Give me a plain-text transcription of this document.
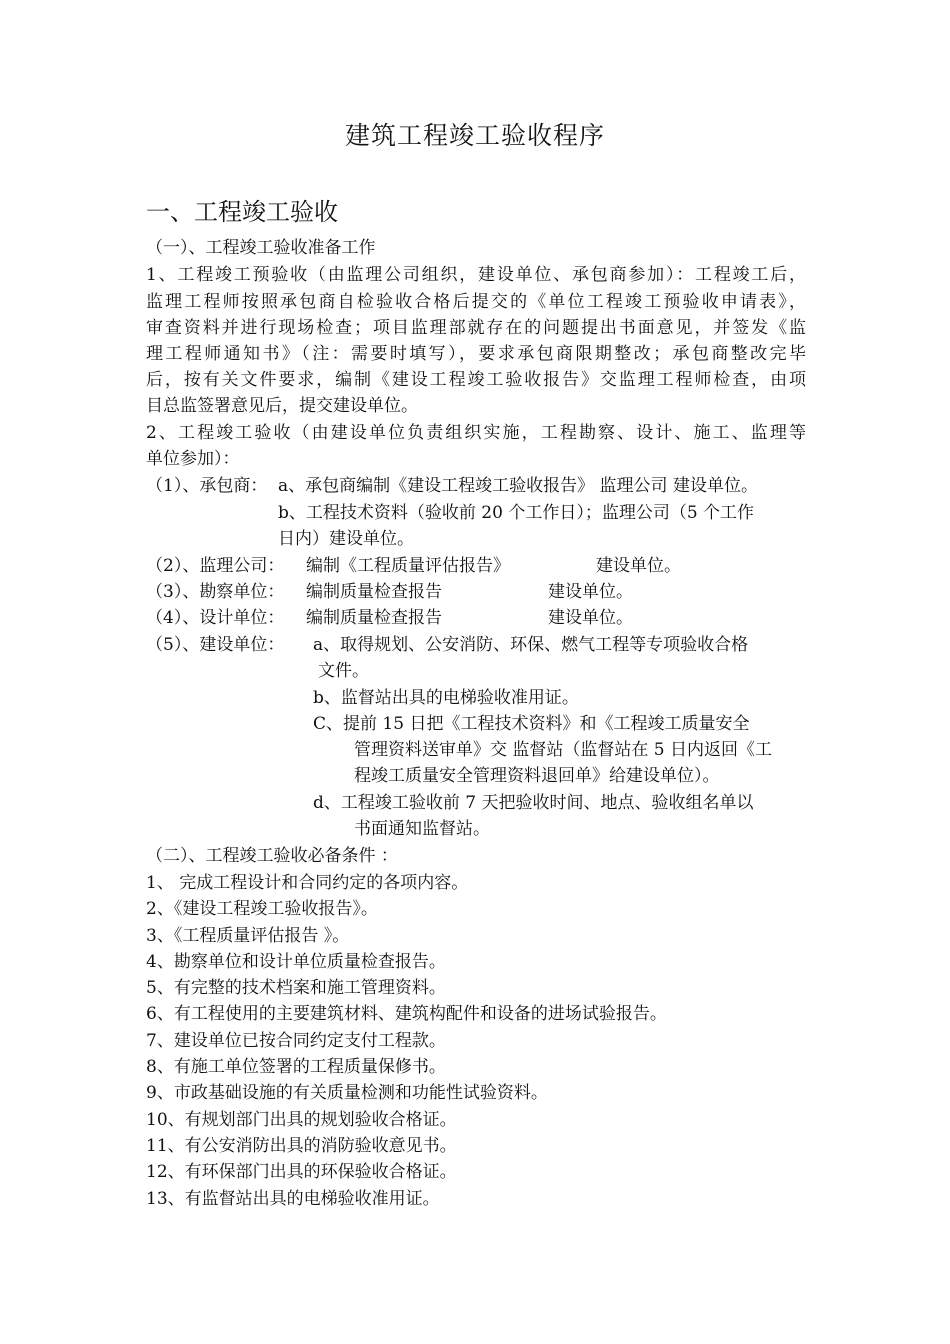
建筑工程竣工验收程序
一、工程竣工验收
（一）、工程竣工验收准备工作
1、工程竣工预验收（由监理公司组织，建设单位、承包商参加）：工程竣工后，
监理工程师按照承包商自检验收合格后提交的《单位工程竣工预验收申请表》，
审查资料并进行现场检查；项目监理部就存在的问题提出书面意见，并签发《监
理工程师通知书》（注：需要时填写），要求承包商限期整改；承包商整改完毕
后，按有关文件要求，编制《建设工程竣工验收报告》交监理工程师检查，由项
目总监签署意见后，提交建设单位。
2、工程竣工验收（由建设单位负责组织实施，工程勘察、设计、施工、监理等
单位参加）：
（1）、承包商： a、承包商编制《建设工程竣工验收报告》 监理公司 建设单位。
b、工程技术资料（验收前 20 个工作日）；监理公司（5 个工作
日内）建设单位。
（2）、监理公司： 编制《工程质量评估报告》	建设单位。
（3）、勘察单位： 编制质量检查报告	建设单位。
（4）、设计单位： 编制质量检查报告	建设单位。
（5）、建设单位： a、取得规划、公安消防、环保、燃气工程等专项验收合格
文件。
b、监督站出具的电梯验收准用证。
C、提前 15 日把《工程技术资料》和《工程竣工质量安全
管理资料送审单》交 监督站（监督站在 5 日内返回《工
程竣工质量安全管理资料退回单》给建设单位）。
d、工程竣工验收前 7 天把验收时间、地点、验收组名单以
书面通知监督站。
（二）、工程竣工验收必备条件 ：
1、 完成工程设计和合同约定的各项内容。
2、《建设工程竣工验收报告》。
3、《工程质量评估报告 》。
4、勘察单位和设计单位质量检查报告。
5、有完整的技术档案和施工管理资料。
6、有工程使用的主要建筑材料、建筑构配件和设备的进场试验报告。
7、建设单位已按合同约定支付工程款。
8、有施工单位签署的工程质量保修书。
9、市政基础设施的有关质量检测和功能性试验资料。
10、有规划部门出具的规划验收合格证。
11、有公安消防出具的消防验收意见书。
12、有环保部门出具的环保验收合格证。
13、有监督站出具的电梯验收准用证。
